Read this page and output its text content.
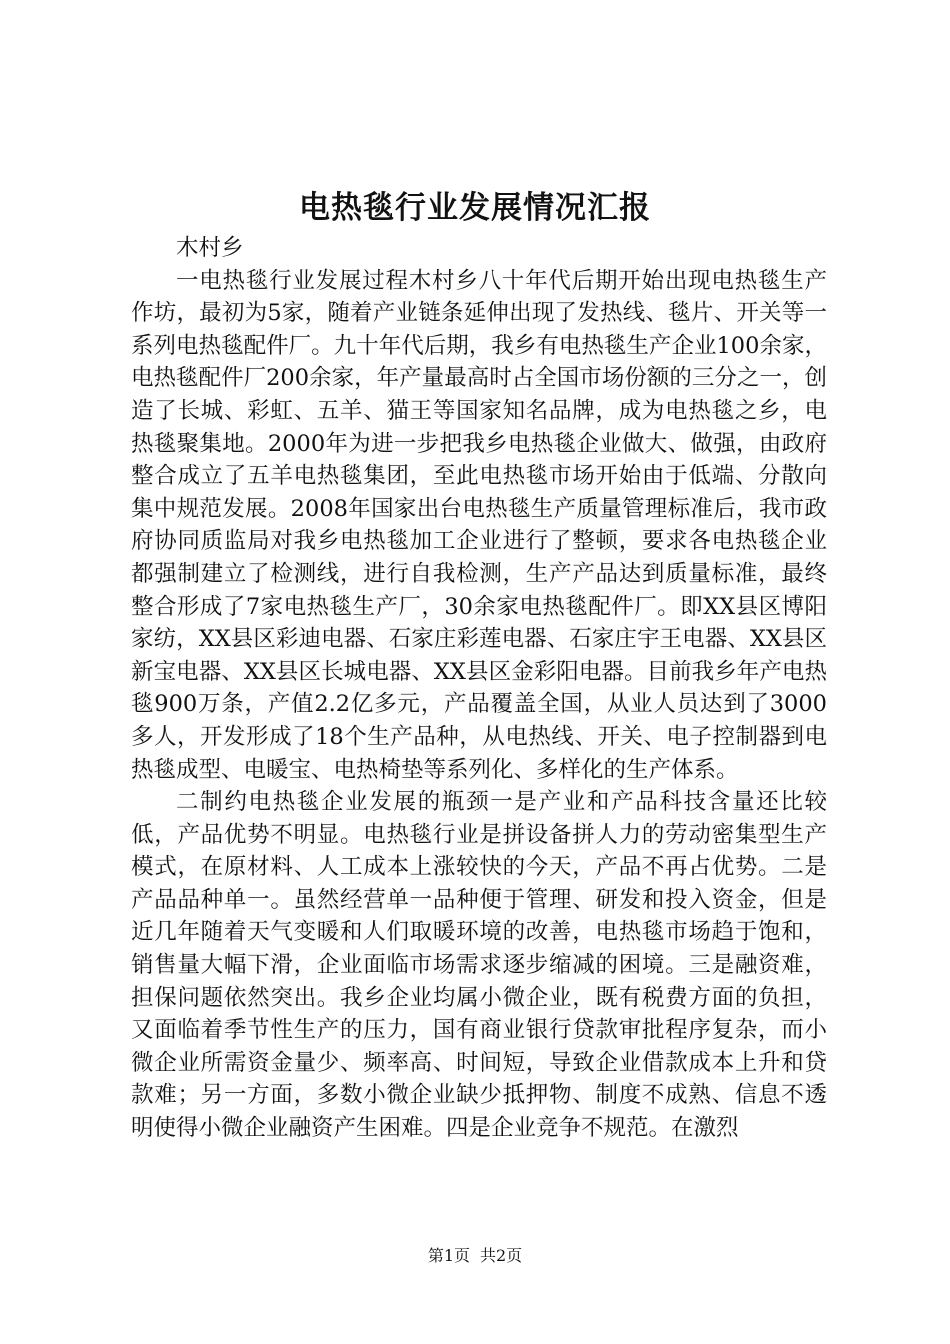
电热毯行业发展情况汇报

木村乡

一电热毯行业发展过程木村乡八十年代后期开始出现电热毯生产作坊，最初为5家，随着产业链条延伸出现了发热线、毯片、开关等一系列电热毯配件厂。九十年代后期，我乡有电热毯生产企业100余家，电热毯配件厂200余家，年产量最高时占全国市场份额的三分之一，创造了长城、彩虹、五羊、猫王等国家知名品牌，成为电热毯之乡，电热毯聚集地。2000年为进一步把我乡电热毯企业做大、做强，由政府整合成立了五羊电热毯集团，至此电热毯市场开始由于低端、分散向集中规范发展。2008年国家出台电热毯生产质量管理标准后，我市政府协同质监局对我乡电热毯加工企业进行了整顿，要求各电热毯企业都强制建立了检测线，进行自我检测，生产产品达到质量标准，最终整合形成了7家电热毯生产厂，30余家电热毯配件厂。即XX县区博阳家纺，XX县区彩迪电器、石家庄彩莲电器、石家庄宇王电器、XX县区新宝电器、XX县区长城电器、XX县区金彩阳电器。目前我乡年产电热毯900万条，产值2.2亿多元，产品覆盖全国，从业人员达到了3000多人，开发形成了18个生产品种，从电热线、开关、电子控制器到电热毯成型、电暖宝、电热椅垫等系列化、多样化的生产体系。

二制约电热毯企业发展的瓶颈一是产业和产品科技含量还比较低，产品优势不明显。电热毯行业是拼设备拼人力的劳动密集型生产模式，在原材料、人工成本上涨较快的今天，产品不再占优势。二是产品品种单一。虽然经营单一品种便于管理、研发和投入资金，但是近几年随着天气变暖和人们取暖环境的改善，电热毯市场趋于饱和，销售量大幅下滑，企业面临市场需求逐步缩减的困境。三是融资难，担保问题依然突出。我乡企业均属小微企业，既有税费方面的负担，又面临着季节性生产的压力，国有商业银行贷款审批程序复杂，而小微企业所需资金量少、频率高、时间短，导致企业借款成本上升和贷款难；另一方面，多数小微企业缺少抵押物、制度不成熟、信息不透明使得小微企业融资产生困难。四是企业竞争不规范。在激烈

第1页 共2页
